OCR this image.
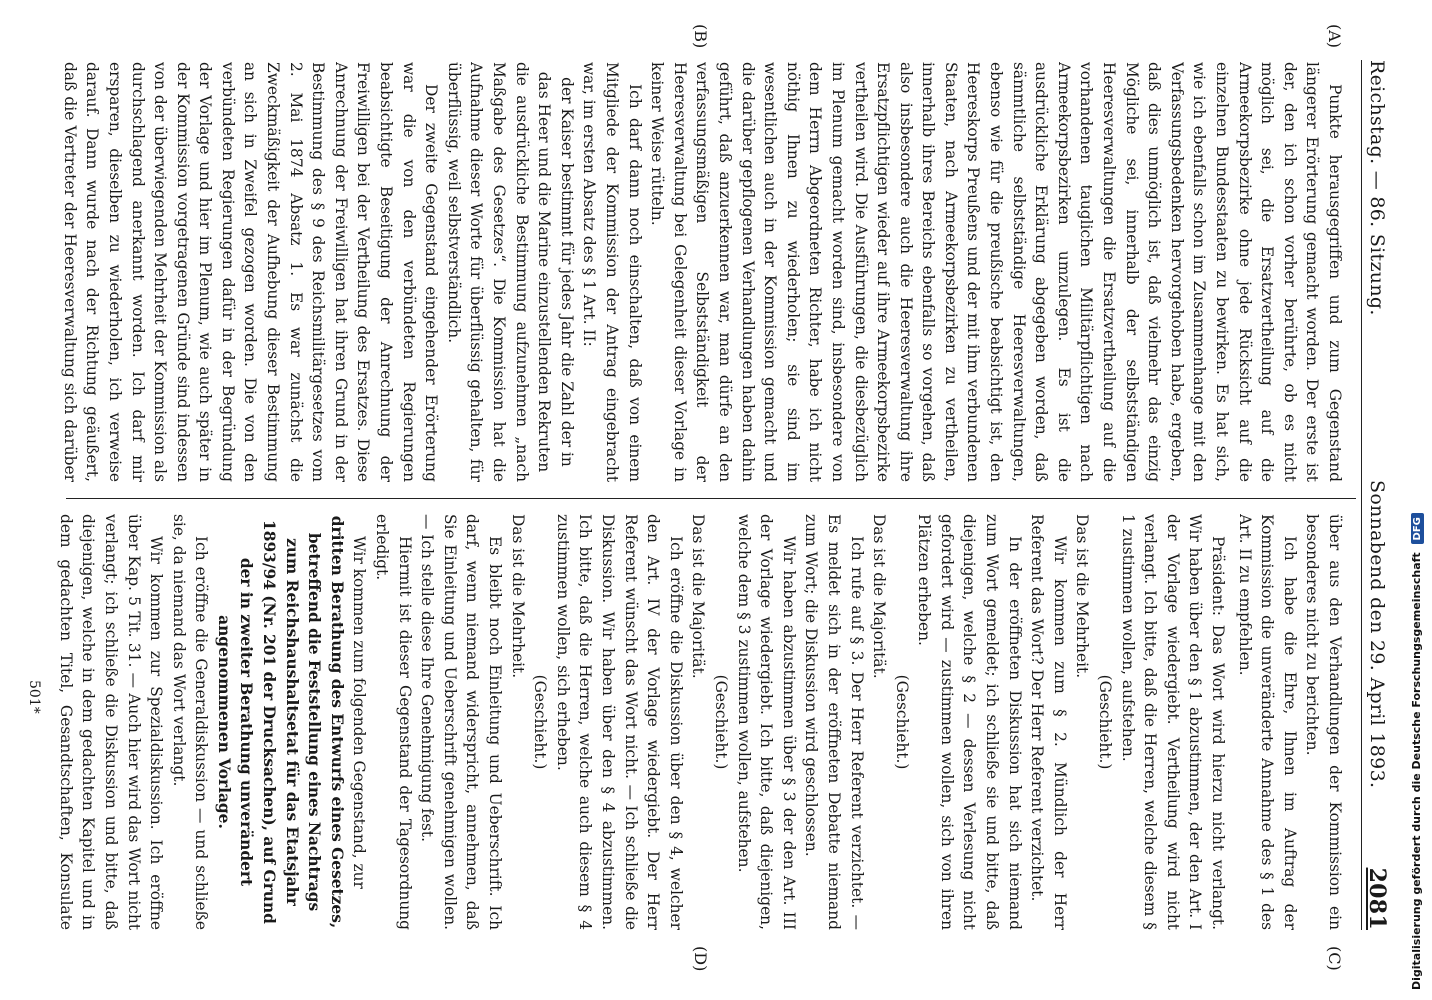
Reichstag. — 86. Sitzung.
Sonnabend den 29. April 1893.
2081
(A)
(B)
(C)
(D)

Punkte herausgegriffen und zum Gegenstand längerer Erörterung gemacht worden. Der erste ist der, den ich schon vorher berührte, ob es nicht möglich sei, die Ersatzvertheilung auf die Armeekorpsbezirke ohne jede Rücksicht auf die einzelnen Bundesstaaten zu bewirken. Es hat sich, wie ich ebenfalls schon im Zusammenhange mit den Verfassungsbedenken hervorgehoben habe, ergeben, daß dies unmöglich ist, daß vielmehr das einzig Mögliche sei, innerhalb der selbstständigen Heeresverwaltungen die Ersatzvertheilung auf die vorhandenen tauglichen Militärpflichtigen nach Armeekorpsbezirken umzulegen. Es ist die ausdrückliche Erklärung abgegeben worden, daß sämmtliche selbstständige Heeresverwaltungen, ebenso wie für die preußische beabsichtigt ist, den Heereskorps Preußens und der mit ihm verbundenen Staaten, nach Armeekorpsbezirken zu vertheilen, innerhalb ihres Bereichs ebenfalls so vorgehen, daß also insbesondere auch die Heeresverwaltung ihre Ersatzpflichtigen wieder auf ihre Armeekorpsbezirke vertheilen wird. Die Ausführungen, die diesbezüglich im Plenum gemacht worden sind, insbesondere von dem Herrn Abgeordneten Richter, habe ich nicht nöthig Ihnen zu wiederholen; sie sind im wesentlichen auch in der Kommission gemacht und die darüber gepflogenen Verhandlungen haben dahin geführt, daß anzuerkennen war, man dürfe an den verfassungsmäßigen Selbstständigkeit der Heeresverwaltung bei Gelegenheit dieser Vorlage in keiner Weise rütteln.

Ich darf dann noch einschalten, daß von einem Mitgliede der Kommission der Antrag eingebracht war, im ersten Absatz des § 1 Art. II:

der Kaiser bestimmt für jedes Jahr die Zahl der in das Heer und die Marine einzustellenden Rekruten

die ausdrückliche Bestimmung aufzunehmen „nach Maßgabe des Gesetzes“. Die Kommission hat die Aufnahme dieser Worte für überflüssig gehalten, für überflüssig, weil selbstverständlich.

Der zweite Gegenstand eingehender Erörterung war die von den verbündeten Regierungen beabsichtigte Beseitigung der Anrechnung der Freiwilligen bei der Vertheilung des Ersatzes. Diese Anrechnung der Freiwilligen hat ihren Grund in der Bestimmung des § 9 des Reichsmilitärgesetzes vom 2. Mai 1874 Absatz 1. Es war zunächst die Zweckmäßigkeit der Aufhebung dieser Bestimmung an sich in Zweifel gezogen worden. Die von den verbündeten Regierungen dafür in der Begründung der Vorlage und hier im Plenum, wie auch später in der Kommission vorgetragenen Gründe sind indessen von der überwiegenden Mehrheit der Kommission als durchschlagend anerkannt worden. Ich darf mir ersparen, dieselben zu wiederholen, ich verweise darauf. Dann wurde nach der Richtung geäußert, daß die Vertreter der Heeresverwaltung sich darüber

über aus den Verhandlungen der Kommission ein besonderes nicht zu berichten.

Ich habe die Ehre, Ihnen im Auftrag der Kommission die unveränderte Annahme des § 1 des Art. II zu empfehlen.

Präsident: Das Wort wird hierzu nicht verlangt. Wir haben über den § 1 abzustimmen, der den Art. I der Vorlage wiedergiebt. Vertheilung wird nicht verlangt. Ich bitte, daß die Herren, welche diesem § 1 zustimmen wollen, aufstehen.

(Geschieht.)

Das ist die Mehrheit.

Wir kommen zum § 2. Mündlich der Herr Referent das Wort? Der Herr Referent verzichtet.

In der eröffneten Diskussion hat sich niemand zum Wort gemeldet; ich schließe sie und bitte, daß diejenigen, welche § 2 — dessen Verlesung nicht gefordert wird — zustimmen wollen, sich von ihren Plätzen erheben.

(Geschieht.)

Das ist die Majorität.

Ich rufe auf § 3. Der Herr Referent verzichtet. — Es meldet sich in der eröffneten Debatte niemand zum Wort; die Diskussion wird geschlossen.

Wir haben abzustimmen über § 3 der den Art. III der Vorlage wiedergiebt. Ich bitte, daß diejenigen, welche dem § 3 zustimmen wollen, aufstehen.

(Geschieht.)

Das ist die Majorität.

Ich eröffne die Diskussion über den § 4, welcher den Art. IV der Vorlage wiedergiebt. Der Herr Referent wünscht das Wort nicht. — Ich schließe die Diskussion. Wir haben über den § 4 abzustimmen. Ich bitte, daß die Herren, welche auch diesem § 4 zustimmen wollen, sich erheben.

(Geschieht.)

Das ist die Mehrheit.

Es bleibt noch Einleitung und Ueberschrift. Ich darf, wenn niemand widerspricht, annehmen, daß Sie Einleitung und Ueberschrift genehmigen wollen. — Ich stelle diese Ihre Genehmigung fest.

Hiermit ist dieser Gegenstand der Tagesordnung erledigt.

Wir kommen zum folgenden Gegenstand, zur

dritten Berathung des Entwurfs eines Gesetzes, betreffend die Feststellung eines Nachtrags zum Reichshaushaltsetat für das Etatsjahr 1893/94 (Nr. 201 der Drucksachen), auf Grund der in zweiter Berathung unverändert angenommenen Vorlage.

Ich eröffne die Generaldiskussion — und schließe sie, da niemand das Wort verlangt.

Wir kommen zur Spezialdiskussion. Ich eröffne über Kap. 5 Tit. 31. — Auch hier wird das Wort nicht verlangt; ich schließe die Diskussion und bitte, daß diejenigen, welche in dem gedachten Kapitel und in dem gedachten Titel, Gesandtschaften, Konsulate

501*	Digitalisierung gefördert durch die Deutsche Forschungsgemeinschaft DFG
